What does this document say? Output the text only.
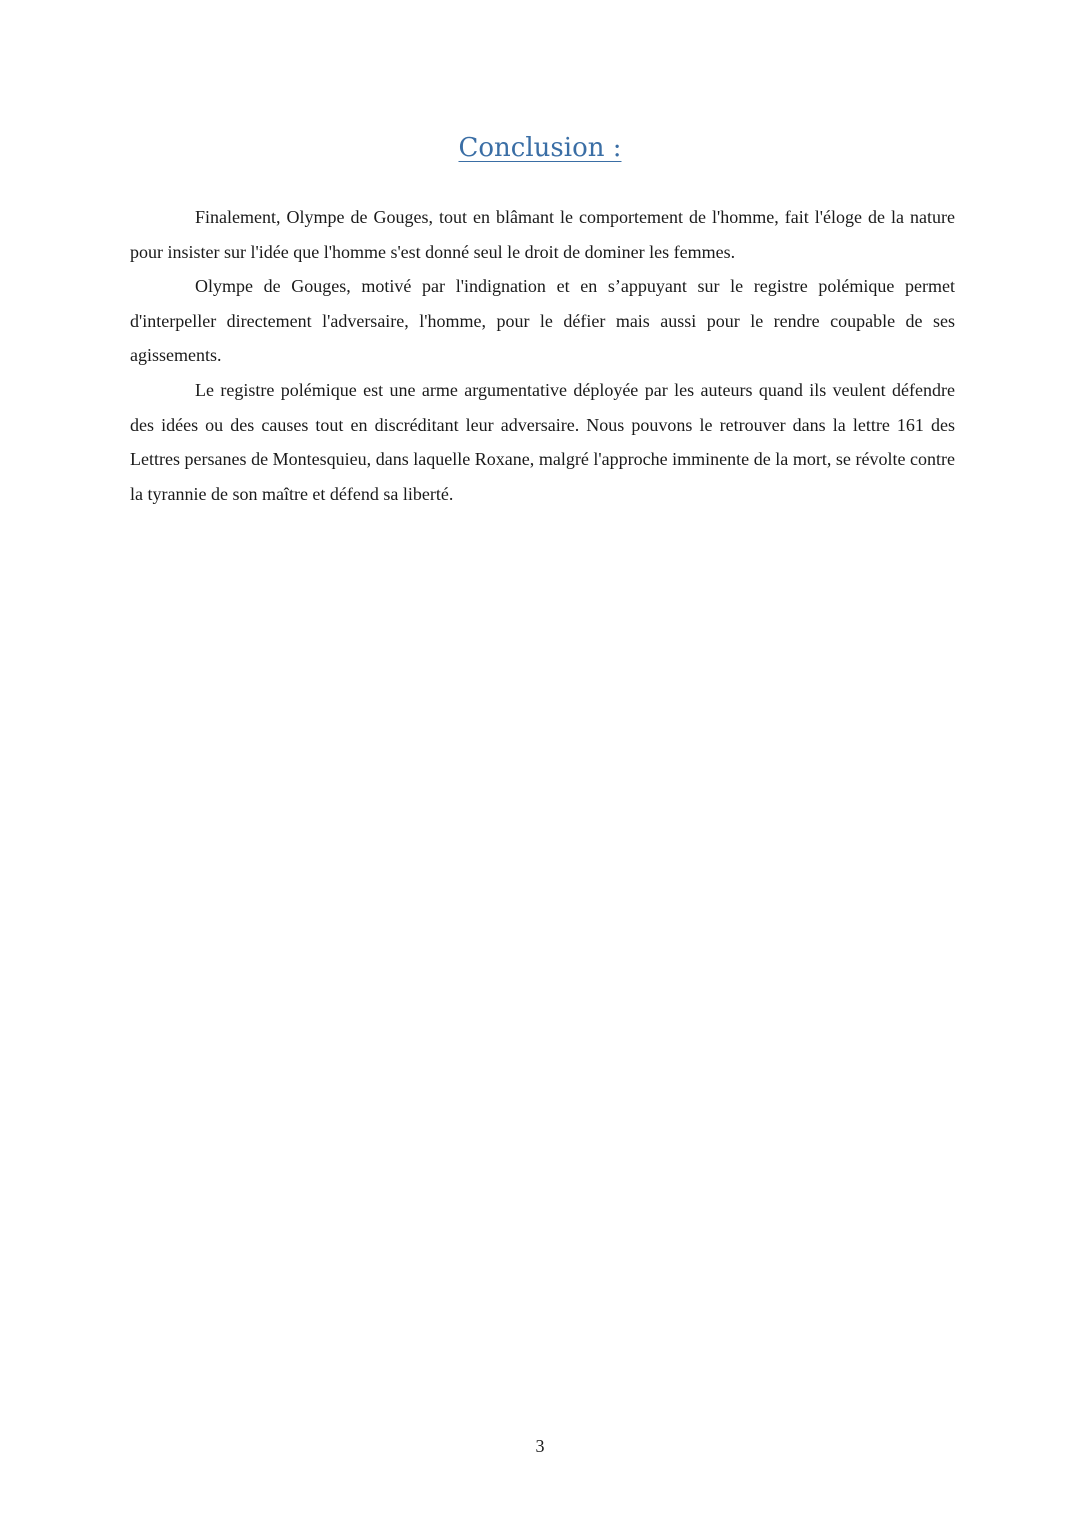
Conclusion :

Finalement, Olympe de Gouges, tout en blâmant le comportement de l'homme, fait l'éloge de la nature pour insister sur l'idée que l'homme s'est donné seul le droit de dominer les femmes.

Olympe de Gouges, motivé par l'indignation et en s’appuyant sur le registre polémique permet d'interpeller directement l'adversaire, l'homme, pour le défier mais aussi pour le rendre coupable de ses agissements.

Le registre polémique est une arme argumentative déployée par les auteurs quand ils veulent défendre des idées ou des causes tout en discréditant leur adversaire. Nous pouvons le retrouver dans la lettre 161 des Lettres persanes de Montesquieu, dans laquelle Roxane, malgré l'approche imminente de la mort, se révolte contre la tyrannie de son maître et défend sa liberté.

3
